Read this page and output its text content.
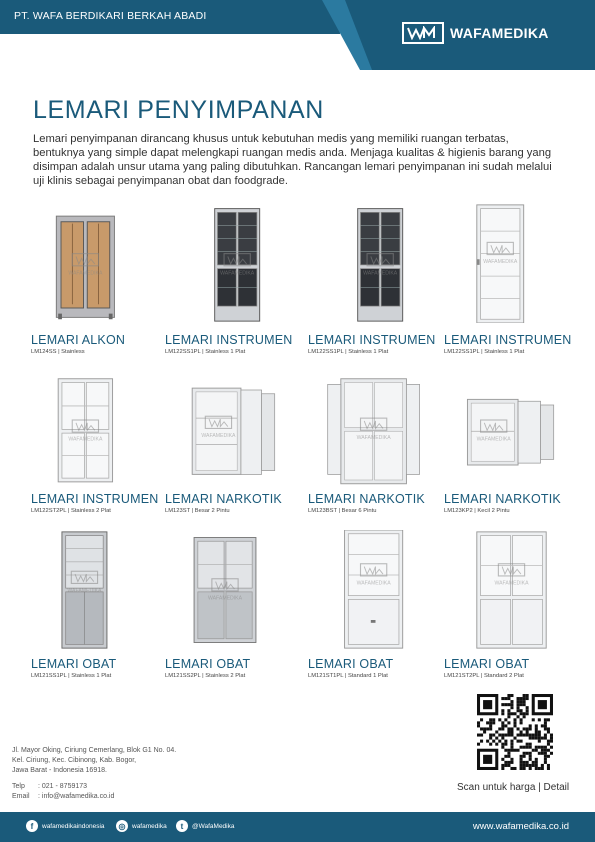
PT. WAFA BERDIKARI BERKAH ABADI
WAFAMEDIKA
LEMARI PENYIMPANAN
Lemari penyimpanan dirancang khusus untuk kebutuhan medis yang memiliki ruangan terbatas, bentuknya yang simple dapat melengkapi ruangan medis anda. Menjaga kualitas & higienis barang yang disimpan adalah unsur utama yang paling dibutuhkan. Rancangan lemari penyimpanan ini sudah melalui uji klinis sebagai penyimpanan obat dan foodgrade.
WAFAMEDIKA
LEMARI ALKON
LM124SS | Stainless
WAFAMEDIKA
LEMARI INSTRUMEN
LM122SS1PL | Stainless 1 Plat
WAFAMEDIKA
LEMARI INSTRUMEN
LM122SS1PL | Stainless 1 Plat
WAFAMEDIKA
LEMARI INSTRUMEN
LM122SS1PL | Stainless 1 Plat
WAFAMEDIKA
LEMARI INSTRUMEN
LM122ST2PL | Stainless 2 Plat
WAFAMEDIKA
LEMARI NARKOTIK
LM123ST | Besar 2 Pintu
WAFAMEDIKA
LEMARI NARKOTIK
LM123BST | Besar 6 Pintu
WAFAMEDIKA
LEMARI NARKOTIK
LM123KP2 | Kecil 2 Pintu
WAFAMEDIKA
LEMARI OBAT
LM121SS1PL | Stainless 1 Plat
WAFAMEDIKA
LEMARI OBAT
LM121SS2PL | Stainless 2 Plat
WAFAMEDIKA
LEMARI OBAT
LM121ST1PL | Standard 1 Plat
WAFAMEDIKA
LEMARI OBAT
LM121ST2PL | Standard 2 Plat
Jl. Mayor Oking, Ciriung Cemerlang, Blok G1 No. 04.
Kel. Ciriung, Kec. Cibinong, Kab. Bogor,
Jawa Barat - Indonesia 16918.
Telp : 021 - 8759173
Email : info@wafamedika.co.id
Scan untuk harga | Detail
f	wafamedikaindonesia	◎	wafamedika	t	@WafaMedika	www.wafamedika.co.id
